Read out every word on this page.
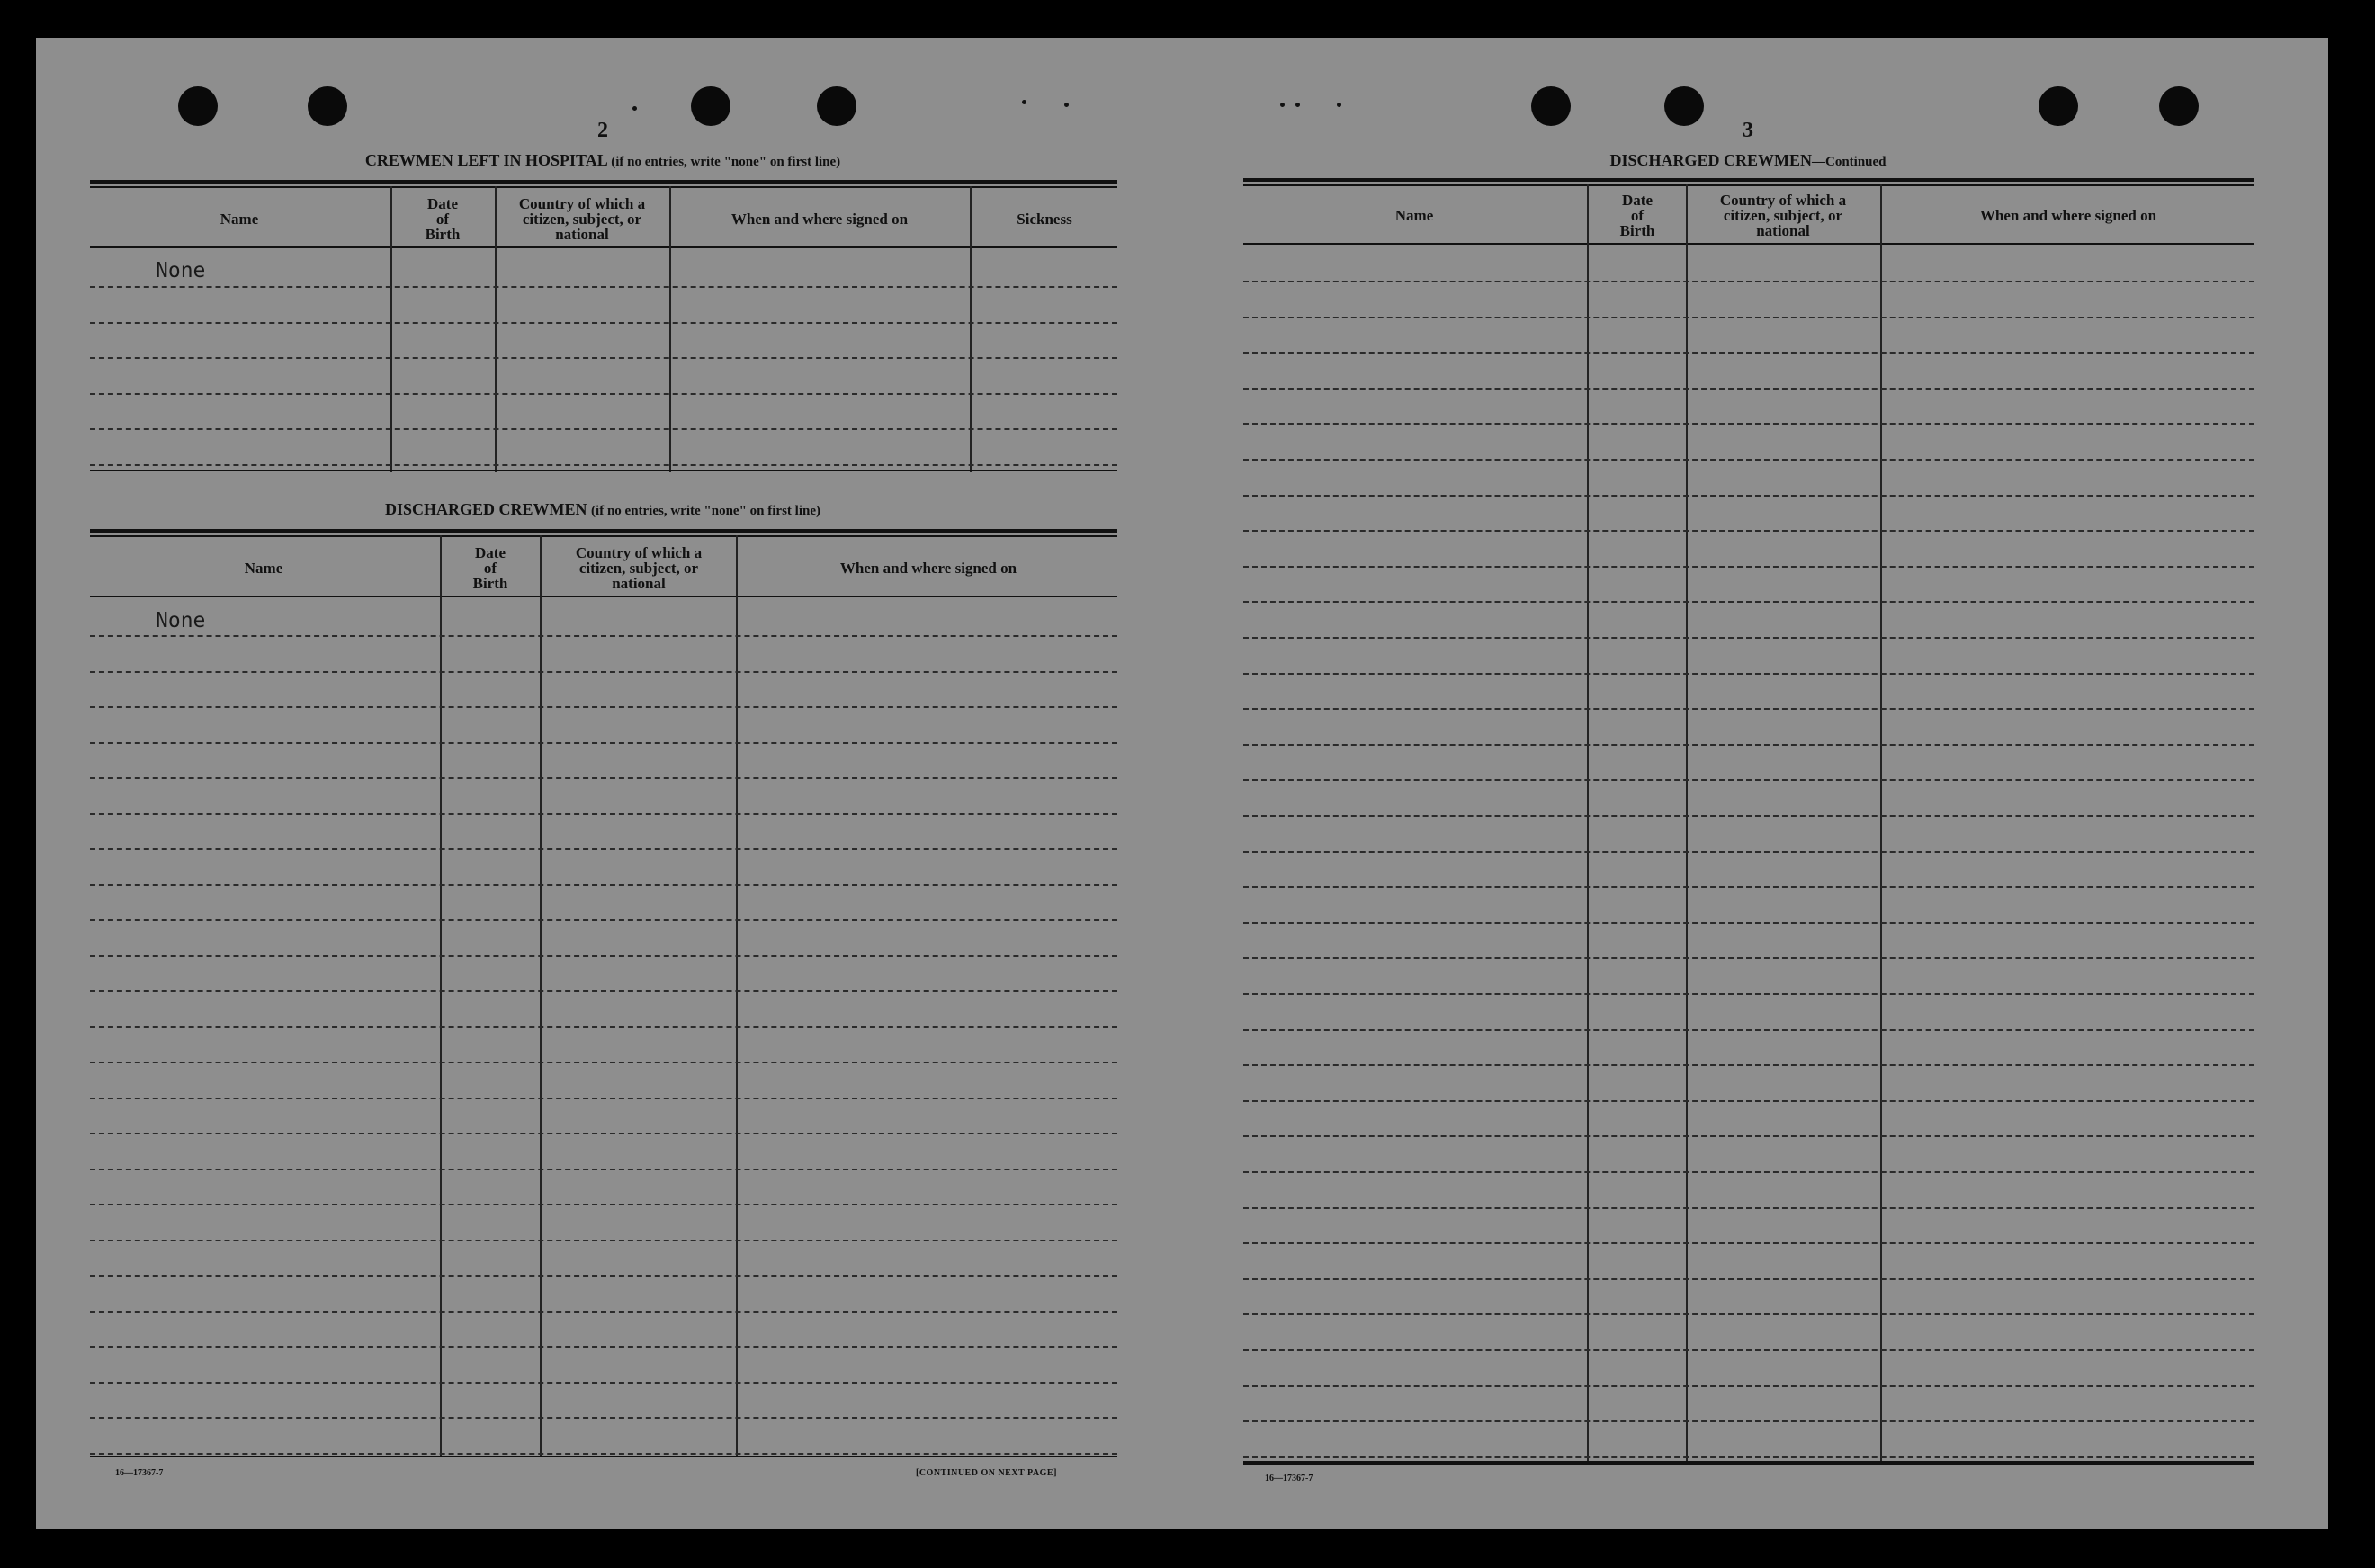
2
CREWMEN LEFT IN HOSPITAL (if no entries, write "none" on first line)
Name
Date
of
Birth
Country of which a
citizen, subject, or
national
When and where signed on	Sickness
None
DISCHARGED CREWMEN (if no entries, write "none" on first line)
Name
Date
of
Birth
Country of which a
citizen, subject, or
national
When and where signed on
None
16—17367-7	[CONTINUED ON NEXT PAGE]
3
DISCHARGED CREWMEN—Continued
Name
Date
of
Birth
Country of which a
citizen, subject, or
national
When and where signed on
16—17367-7
